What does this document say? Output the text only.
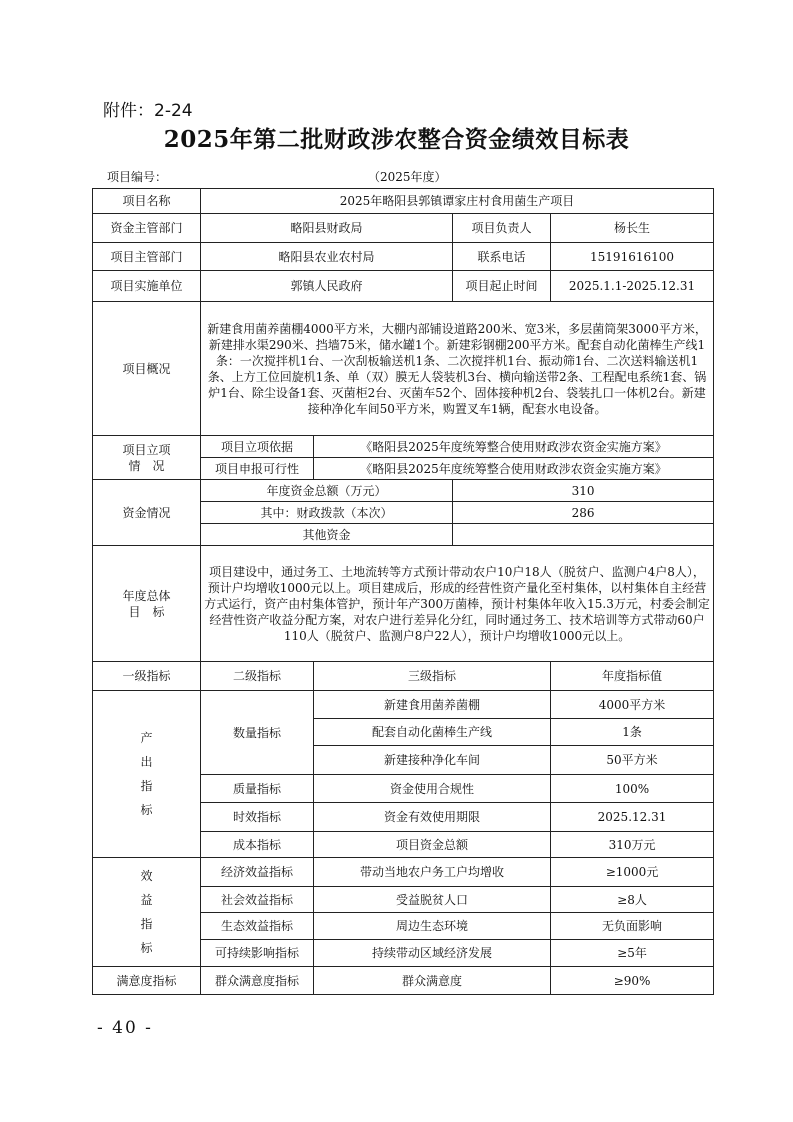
附件：2-24
2025年第二批财政涉农整合资金绩效目标表
项目编号：	（2025年度）
项目名称	2025年略阳县郭镇谭家庄村食用菌生产项目			
资金主管部门	略阳县财政局		项目负责人	杨长生
项目主管部门	略阳县农业农村局		联系电话	15191616100
项目实施单位	郭镇人民政府		项目起止时间	2025.1.1-2025.12.31
项目概况	新建食用菌养菌棚4000平方米，大棚内部铺设道路200米、宽3米，多层菌筒架3000平方米，新建排水渠290米、挡墙75米，储水罐1个。新建彩钢棚200平方米。配套自动化菌棒生产线1条：一次搅拌机1台、一次刮板输送机1条、二次搅拌机1台、振动筛1台、二次送料输送机1条、上方工位回旋机1条、单（双）膜无人袋装机3台、横向输送带2条、工程配电系统1套、锅炉1台、除尘设备1套、灭菌柜2台、灭菌车52个、固体接种机2台、袋装扎口一体机2台。新建接种净化车间50平方米，购置叉车1辆，配套水电设备。			

项目立项
情　况	项目立项依据	《略阳县2025年度统筹整合使用财政涉农资金实施方案》		
	项目申报可行性	《略阳县2025年度统筹整合使用财政涉农资金实施方案》		
资金情况	年度资金总额（万元）		310	
	其中：财政拨款（本次）		286	
	其他资金			

年度总体
目　标	项目建设中，通过务工、土地流转等方式预计带动农户10户18人（脱贫户、监测户4户8人），预计户均增收1000元以上。项目建成后，形成的经营性资产量化至村集体，以村集体自主经营方式运行，资产由村集体管护，预计年产300万菌棒，预计村集体年收入15.3万元，村委会制定经营性资产收益分配方案，对农户进行差异化分红，同时通过务工、技术培训等方式带动60户110人（脱贫户、监测户8户22人），预计户均增收1000元以上。			
一级指标	二级指标	三级指标		年度指标值
产出指标	数量指标	新建食用菌养菌棚		4000平方米
		配套自动化菌棒生产线		1条
		新建接种净化车间		50平方米
	质量指标	资金使用合规性		100%
	时效指标	资金有效使用期限		2025.12.31
	成本指标	项目资金总额		310万元
效益指标	经济效益指标	带动当地农户务工户均增收		≥1000元
	社会效益指标	受益脱贫人口		≥8人
	生态效益指标	周边生态环境		无负面影响
	可持续影响指标	持续带动区域经济发展		≥5年
满意度指标	群众满意度指标	群众满意度		≥90%
- 40 -
